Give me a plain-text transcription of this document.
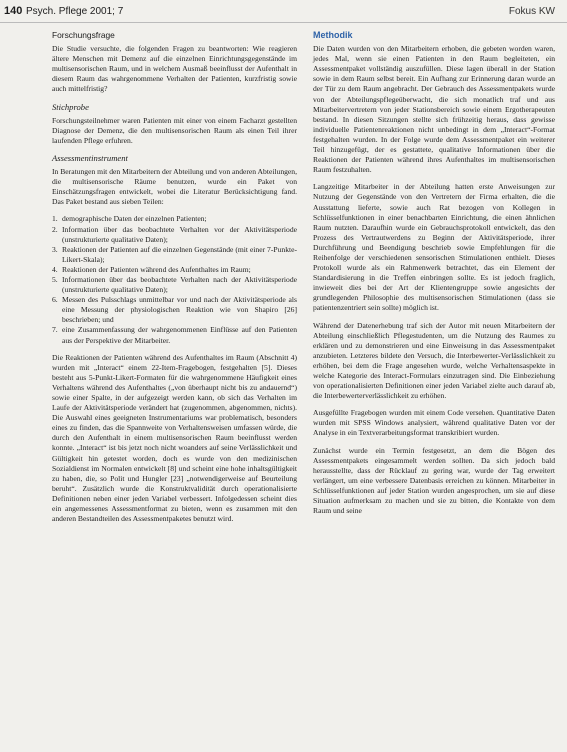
140 Psych. Pflege 2001; 7	Fokus KW
Forschungsfrage

Die Studie versuchte, die folgenden Fragen zu beantworten: Wie reagieren ältere Menschen mit Demenz auf die einzelnen Einrichtungsgegenstände im multisensorischen Raum, und in welchem Ausmaß beeinflusst der Aufenthalt in diesem Raum das wahrgenommene Verhalten der Patienten, kurzfristig sowie auch mittelfristig?

Stichprobe

Forschungsteilnehmer waren Patienten mit einer von einem Facharzt gestellten Diagnose der Demenz, die den multisensorischen Raum als einen Teil ihrer laufenden Pflege erfuhren.

Assessmentinstrument

In Beratungen mit den Mitarbeitern der Abteilung und von anderen Abteilungen, die multisensorische Räume benutzen, wurde ein Paket von Einschätzungsfragen entwickelt, wobei die Literatur Berücksichtigung fand. Das Paket bestand aus sieben Teilen:

1. demographische Daten der einzelnen Patienten;
2. Information über das beobachtete Verhalten vor der Aktivitätsperiode (unstrukturierte qualitative Daten);
3. Reaktionen der Patienten auf die einzelnen Gegenstände (mit einer 7-Punkte-Likert-Skala);
4. Reaktionen der Patienten während des Aufenthaltes im Raum;
5. Informationen über das beobachtete Verhalten nach der Aktivitätsperiode (unstrukturierte qualitative Daten);
6. Messen des Pulsschlags unmittelbar vor und nach der Aktivitätsperiode als eine Messung der physiologischen Reaktion wie von Shapiro [26] beschrieben; und
7. eine Zusammenfassung der wahrgenommenen Einflüsse auf den Patienten aus der Perspektive der Mitarbeiter.

Die Reaktionen der Patienten während des Aufenthaltes im Raum (Abschnitt 4) wurden mit „Interact“ einem 22-Item-Fragebogen, festgehalten [5]. Dieses besteht aus 5-Punkt-Likert-Formaten für die wahrgenommene Häufigkeit eines Verhaltens während des Aufenthaltes („von überhaupt nicht bis zu andauernd“) sowie einer Spalte, in der aufgezeigt werden kann, ob sich das Verhalten im Laufe der Aktivitätsperiode verändert hat (zugenommen, abgenommen, nichts). Die Auswahl eines geeigneten Instrumentariums war problematisch, besonders eines zu finden, das die Spannweite von Verhaltensweisen umfassen würde, die durch den Aufenthalt in einem multisensorischen Raum beeinflusst werden konnte. „Interact“ ist bis jetzt noch nicht woanders auf seine Verlässlichkeit und Gültigkeit hin getestet worden, doch es wurde von den medizinischen Sozialdienst im Normalen entwickelt [8] und scheint eine hohe inhaltsgültigkeit zu haben, die, so Polit und Hungler [23] „notwendigerweise auf Beurteilung beruht“. Zusätzlich wurde die Konstruktvalidität durch operationalisierte Definitionen neben einer jeden Variabel verbessert. Infolgedessen scheint dies ein angemessenes Assessmentformat zu bieten, wenn es zusammen mit den anderen Bestandteilen des Assessmentpaketes benutzt wird.

Methodik

Die Daten wurden von den Mitarbeitern erhoben, die gebeten worden waren, jedes Mal, wenn sie einen Patienten in den Raum begleiteten, ein Assessmentpaket vollständig auszufüllen. Diese lagen überall in der Station sowie in dem Raum selbst bereit. Ein Aufhang zur Erinnerung daran wurde an der Tür zu dem Raum angebracht. Der Gebrauch des Assessmentpakets wurde von der Abteilungspflegeüberwacht, die sich monatlich traf und aus Mitarbeitervertretern von jeder Stationsbereich sowie einem Ergotherapeuten bestand. In diesen Sitzungen stellte sich frühzeitig heraus, dass gewisse individuelle Patientenreaktionen nicht unbedingt in dem „Interact“-Format festgehalten wurden. In der Folge wurde dem Assessmentpaket ein weiterer Teil hinzugefügt, der es gestattete, qualitative Informationen über die Reaktionen der Patienten während ihres Aufenthaltes im multisensorischen Raum festzuhalten.

Langzeitige Mitarbeiter in der Abteilung hatten erste Anweisungen zur Nutzung der Gegenstände von den Vertretern der Firma erhalten, die die Ausstattung lieferte, sowie auch Rat bezogen von Kollegen in Schlüsselfunktionen in einer benachbarten Einrichtung, die einen ähnlichen Raum nutzten. Daraufhin wurde ein Gebrauchsprotokoll entwickelt, das den Prozess des Vertrautwerdens zu Beginn der Aktivitätsperiode, ihrer Durchführung und Beendigung beschrieb sowie Empfehlungen für die Reihenfolge der verschiedenen sensorischen Stimulationen enthielt. Dieses Protokoll wurde als ein Rahmenwerk betrachtet, das ein Element der Standardisierung in die Treffen einbringen sollte. Es ist jedoch fraglich, inwieweit dies bei der Art der Klientengruppe sowie angesichts der grundlegenden Philosophie des multisensorischen Stimulationen (dass sie patientenzentriert sein sollte) möglich ist.

Während der Datenerhebung traf sich der Autor mit neuen Mitarbeitern der Abteilung einschließlich Pflegestudenten, um die Nutzung des Raumes zu erklären und zu demonstrieren und eine Einweisung in das Assessmentpaket anzubieten. Letzteres bildete den Versuch, die Interbewerter-Verlässlichkeit zu erhöhen, bei dem die Frage angesehen wurde, welche Verhaltensaspekte in welche Kategorie des Interact-Formulars einzutragen sind. Die Einbeziehung von operationalisierten Definitionen einer jeden Variabel zielte auch darauf ab, die Interbewerterverlässlichkeit zu erhöhen.

Ausgefüllte Fragebogen wurden mit einem Code versehen. Quantitative Daten wurden mit SPSS Windows analysiert, während qualitative Daten vor der Analyse in ein Textverarbeitungsformat transkribiert wurden.

Zunächst wurde ein Termin festgesetzt, an dem die Bögen des Assessmentpakets eingesammelt werden sollten. Da sich jedoch bald herausstellte, dass der Rücklauf zu gering war, wurde der Tag erweitert verlängert, um eine verbessere Datenbasis erreichen zu können. Mitarbeiter in Schlüsselfunktionen auf jeder Station wurden angesprochen, um sie auf diese Situation aufmerksam zu machen und sie zu bitten, die Kontakte von dem Raum und seine
